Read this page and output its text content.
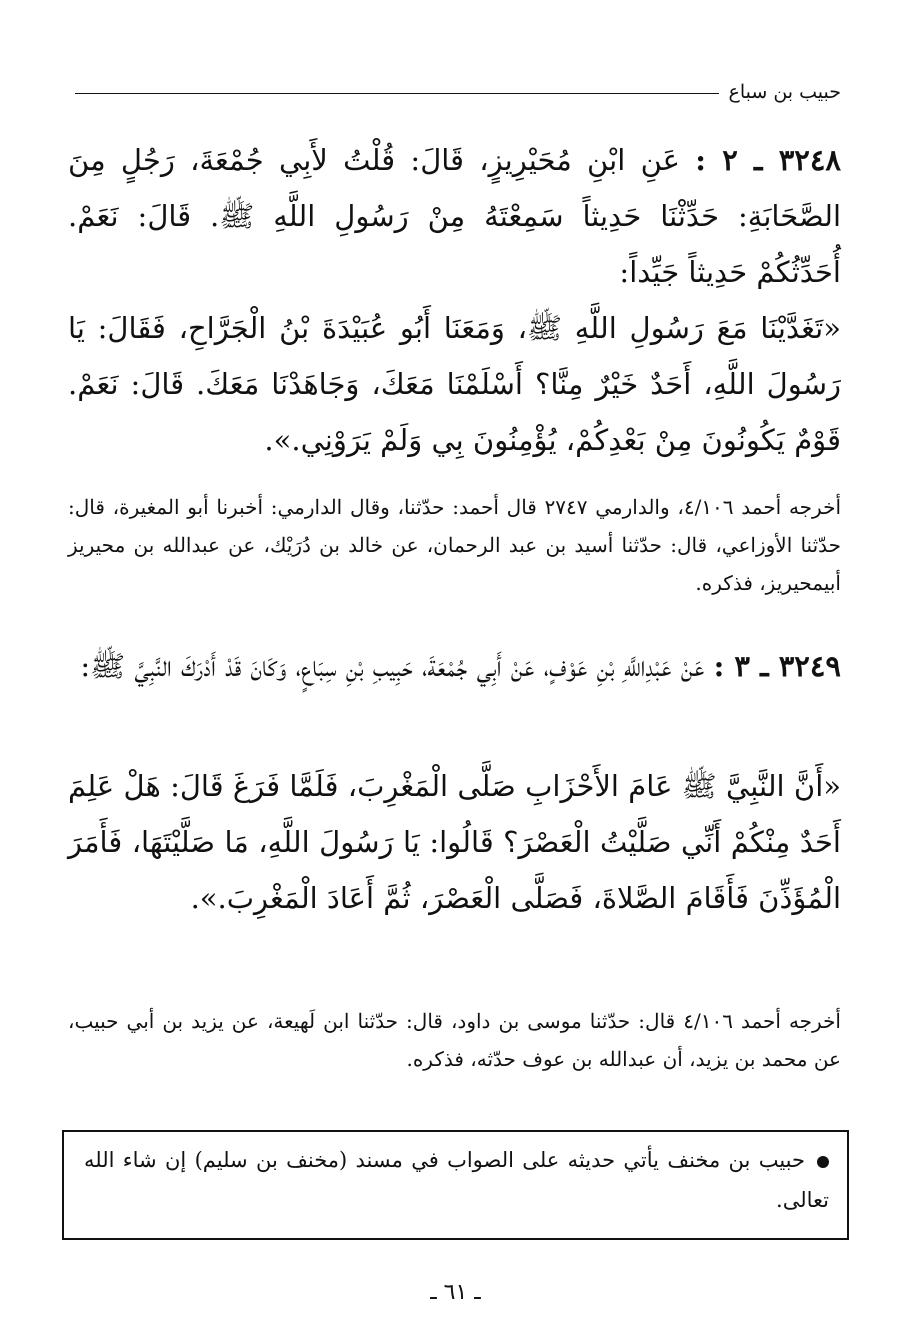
حبيب بن سباع
٣٢٤٨ ـ ٢ : عَنِ ابْنِ مُحَيْرِيزٍ، قَالَ: قُلْتُ لأَبِي جُمْعَةَ، رَجُلٍ مِنَ الصَّحَابَةِ: حَدِّثْنَا حَدِيثاً سَمِعْتَهُ مِنْ رَسُولِ اللَّهِ ﷺ. قَالَ: نَعَمْ. أُحَدِّثُكُمْ حَدِيثاً جَيِّداً:
«تَغَدَّيْنَا مَعَ رَسُولِ اللَّهِ ﷺ، وَمَعَنَا أَبُو عُبَيْدَةَ بْنُ الْجَرَّاحِ، فَقَالَ: يَا رَسُولَ اللَّهِ، أَحَدٌ خَيْرٌ مِنَّا؟ أَسْلَمْنَا مَعَكَ، وَجَاهَدْنَا مَعَكَ. قَالَ: نَعَمْ. قَوْمٌ يَكُونُونَ مِنْ بَعْدِكُمْ، يُؤْمِنُونَ بِي وَلَمْ يَرَوْنِي.».
أخرجه أحمد ٤/١٠٦، والدارمي ٢٧٤٧ قال أحمد: حدّثنا، وقال الدارمي: أخبرنا أبو المغيرة، قال: حدّثنا الأوزاعي، قال: حدّثنا أسيد بن عبد الرحمان، عن خالد بن دُرَيْك، عن عبدالله بن محيريز أبيمحيريز، فذكره.
٣٢٤٩ ـ ٣ : عَنْ عَبْدِاللَّهِ بْنِ عَوْفٍ، عَنْ أَبِي جُمْعَةَ، حَبِيبِ بْنِ سِبَاعٍ، وَكَانَ قَدْ أَدْرَكَ النَّبِيَّ ﷺ:
«أَنَّ النَّبِيَّ ﷺ عَامَ الأَحْزَابِ صَلَّى الْمَغْرِبَ، فَلَمَّا فَرَغَ قَالَ: هَلْ عَلِمَ أَحَدٌ مِنْكُمْ أَنِّي صَلَّيْتُ الْعَصْرَ؟ قَالُوا: يَا رَسُولَ اللَّهِ، مَا صَلَّيْتَهَا، فَأَمَرَ الْمُؤَذِّنَ فَأَقَامَ الصَّلاةَ، فَصَلَّى الْعَصْرَ، ثُمَّ أَعَادَ الْمَغْرِبَ.».
أخرجه أحمد ٤/١٠٦ قال: حدّثنا موسى بن داود، قال: حدّثنا ابن لَهيعة، عن يزيد بن أبي حبيب، عن محمد بن يزيد، أن عبدالله بن عوف حدّثه، فذكره.
حبيب بن مخنف يأتي حديثه على الصواب في مسند (مخنف بن سليم) إن شاء الله تعالى.
ـ ٦١ ـ
